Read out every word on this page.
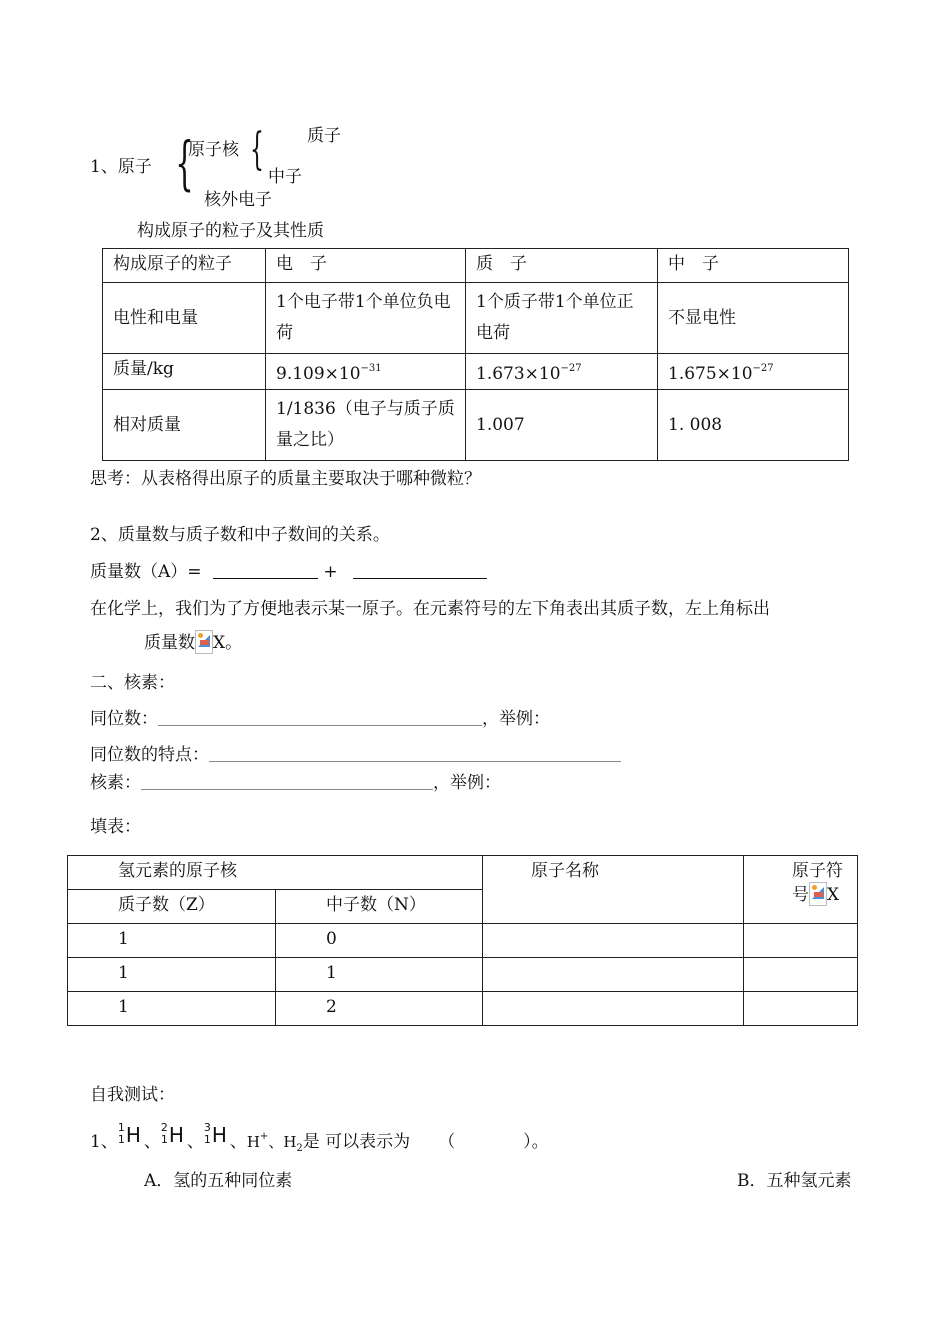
1、原子 {
原子核 {	质子
中子
核外电子
构成原子的粒子及其性质
构成原子的粒子	电　子	质　子	中　子
电性和电量	1个电子带1个单位负电荷	1个质子带1个单位正电荷	不显电性
质量/kg	$9.109\times 10^{-31}$	$1.673\times 10^{-27}$	$1.675\times 10^{-27}$
相对质量	1/1836（电子与质子质量之比）	1.007	1. 008
思考：从表格得出原子的质量主要取决于哪种微粒？
2、质量数与质子数和中子数间的关系。
质量数（A）=	+
在化学上，我们为了方便地表示某一原子。在元素符号的左下角表出其质子数，左上角标出
质量数 X。
二、核素：
同位数：	，举例：
同位数的特点：
核素：	，举例：
填表：
氢元素的原子核		原子名称	原子符号 X
质子数（Z）	中子数（N）		
1	0		
1	1		
1	2		
自我测试：
1、
1
1 H 、
2
1 H 、
3
1 H 、H+、$H_2$是 可以表示为 （　　　　）。
A．氢的五种同位素	B．五种氢元素
